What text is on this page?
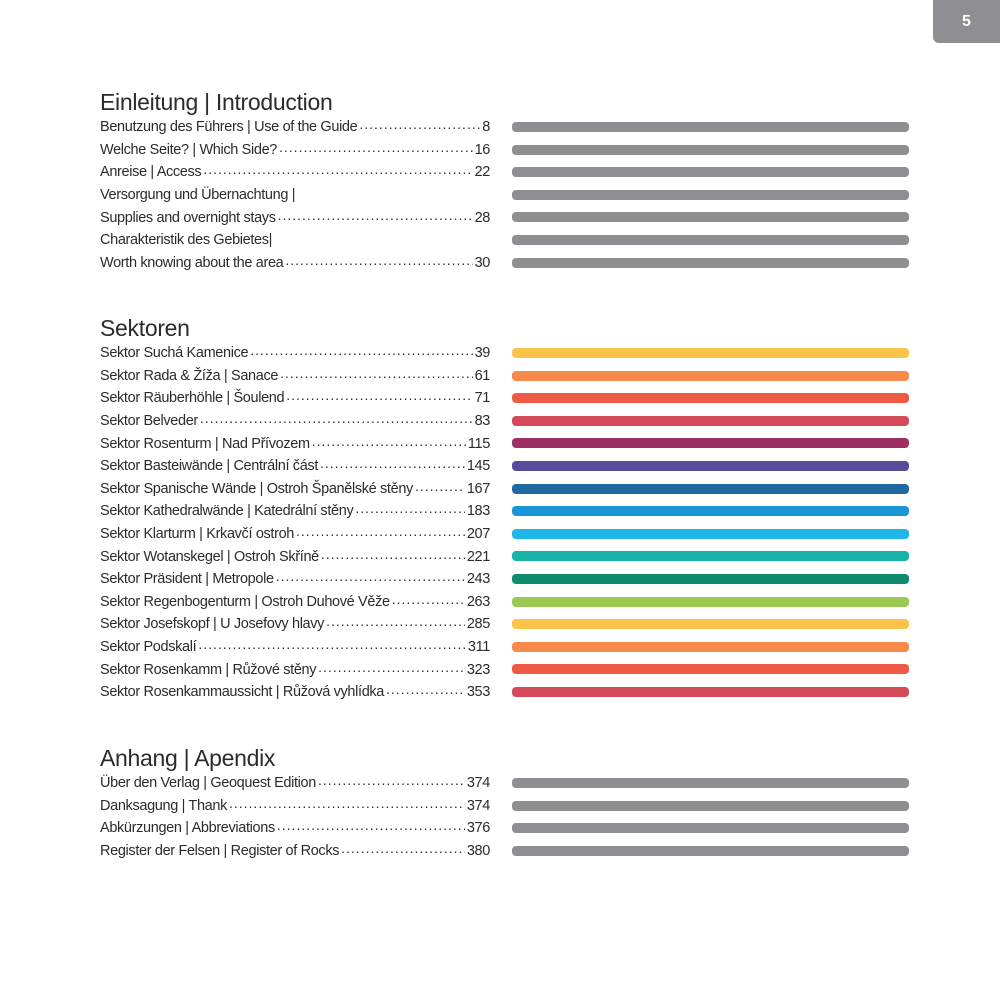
5
Einleitung | Introduction
Benutzung des Führers | Use of the Guide .....	8
Welche Seite? | Which Side? .....	16
Anreise | Access .....	22
Versorgung und Übernachtung |
Supplies and overnight stays .....	28
Charakteristik des Gebietes|
Worth knowing about the area .....	30
Sektoren
Sektor Suchá Kamenice .....	39
Sektor Rada & Žíža | Sanace .....	61
Sektor Räuberhöhle | Šoulend .....	71
Sektor Belveder .....	83
Sektor Rosenturm | Nad Přívozem .....	115
Sektor Basteiwände | Centrální část .....	145
Sektor Spanische Wände | Ostroh Španělské stěny .....	167
Sektor Kathedralwände | Katedrální stěny .....	183
Sektor Klarturm | Krkavčí ostroh .....	207
Sektor Wotanskegel | Ostroh Skříně .....	221
Sektor Präsident | Metropole .....	243
Sektor Regenbogenturm | Ostroh Duhové Věže .....	263
Sektor Josefskopf | U Josefovy hlavy .....	285
Sektor Podskalí .....	311
Sektor Rosenkamm | Růžové stěny .....	323
Sektor Rosenkammaussicht | Růžová vyhlídka .....	353
Anhang | Apendix
Über den Verlag | Geoquest Edition .....	374
Danksagung | Thank .....	374
Abkürzungen | Abbreviations .....	376
Register der Felsen | Register of Rocks .....	380
